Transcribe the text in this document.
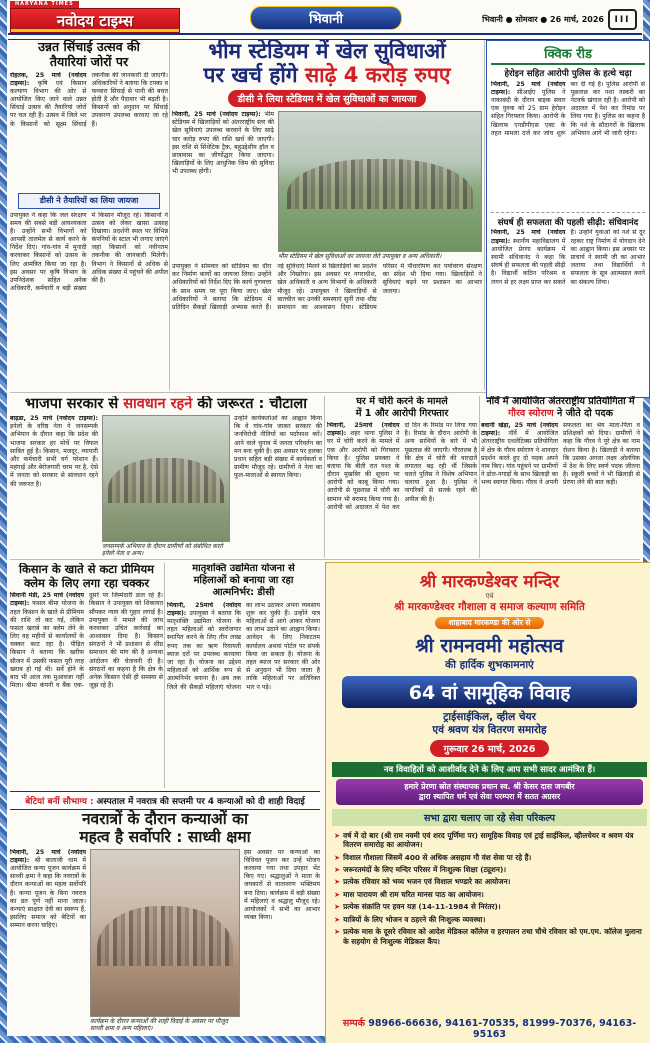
HARYANA TIMES
नवोदय टाइम्स	भिवानी	भिवानी ● सोमवार ● 26 मार्च, 2026	III
उन्नत सिंचाई उत्सव की
तैयारियां जोरों पर
रोहतक, 25 मार्च (नवोदय टाइम्स): कृषि एवं किसान कल्याण विभाग की ओर से आयोजित किए जाने वाले उन्नत सिंचाई उत्सव की तैयारियां जोरों पर चल रही हैं। उत्सव में जिले भर के किसानों को सूक्ष्म सिंचाई तकनीक की जानकारी दी जाएगी। अधिकारियों ने बताया कि टपका व फव्वारा सिंचाई से पानी की बचत होती है और पैदावार भी बढ़ती है। किसानों को अनुदान पर सिंचाई उपकरण उपलब्ध करवाए जा रहे हैं।
डीसी ने तैयारियों का लिया जायजा
उपायुक्त ने कहा कि जल संरक्षण समय की सबसे बड़ी आवश्यकता है। उन्होंने सभी विभागों को आपसी तालमेल से कार्य करने के निर्देश दिए। गांव-गांव में मुनादी करवाकर किसानों को उत्सव के लिए आमंत्रित किया जा रहा है। इस अवसर पर कृषि विभाग के उपनिदेशक सहित अनेक अधिकारी, कर्मचारी व बड़ी संख्या में किसान मौजूद रहे। किसानों ने उत्सव को लेकर खासा उत्साह दिखाया। प्रदर्शनी स्थल पर विभिन्न कंपनियों के स्टाल भी लगाए जाएंगे जहां किसानों को नवीनतम तकनीक की जानकारी मिलेगी। विभाग ने किसानों से अधिक से अधिक संख्या में पहुंचने की अपील की है।
भीम स्टेडियम में खेल सुविधाओं
पर खर्च होंगे साढ़े 4 करोड़ रुपए
डीसी ने लिया स्टेडियम में खेल सुविधाओं का जायजा
भिवानी, 25 मार्च (नवोदय टाइम्स): भीम स्टेडियम में खिलाड़ियों को अंतरराष्ट्रीय स्तर की खेल सुविधाएं उपलब्ध करवाने के लिए साढ़े चार करोड़ रुपए की राशि खर्च की जाएगी। इस राशि से सिंथेटिक ट्रैक, बहुउद्देशीय हॉल व छात्रावास का जीर्णोद्धार किया जाएगा। खिलाड़ियों के लिए आधुनिक जिम की सुविधा भी उपलब्ध होगी।
भीम स्टेडियम में खेल सुविधाओं का जायजा लेते उपायुक्त व अन्य अधिकारी।
उपायुक्त ने सोमवार को स्टेडियम का दौरा कर निर्माण कार्यों का जायजा लिया। उन्होंने अधिकारियों को निर्देश दिए कि कार्य गुणवत्ता के साथ समय पर पूरा किया जाए। खेल अधिकारियों ने बताया कि स्टेडियम में प्रतिदिन सैकड़ों खिलाड़ी अभ्यास करते हैं। नई सुविधाएं मिलने से खिलाड़ियों का प्रदर्शन और निखरेगा। इस अवसर पर नगराधीश, खेल अधिकारी व अन्य विभागों के अधिकारी मौजूद रहे। उपायुक्त ने खिलाड़ियों से बातचीत कर उनकी समस्याएं सुनीं तथा शीघ्र समाधान का आश्वासन दिया। स्टेडियम परिसर में पौधारोपण कर पर्यावरण संरक्षण का संदेश भी दिया गया। खिलाड़ियों ने सुविधाएं बढ़ने पर प्रशासन का आभार जताया।
क्विक रीड
हेरोइन सहित आरोपी पुलिस के हत्थे चढ़ा
भिवानी, 25 मार्च (नवोदय टाइम्स): सीआईए पुलिस ने नाकाबंदी के दौरान बाइक सवार एक युवक को 25 ग्राम हेरोइन सहित गिरफ्तार किया। आरोपी के खिलाफ एनडीपीएस एक्ट के तहत मामला दर्ज कर जांच शुरू कर दी गई है। पुलिस आरोपी से पूछताछ कर नशा तस्करी का नेटवर्क खंगाल रही है। आरोपी को अदालत में पेश कर रिमांड पर लिया गया है। पुलिस का कहना है कि नशे के सौदागरों के खिलाफ अभियान आगे भी जारी रहेगा।
संघर्ष ही सफलता की पहली सीढ़ी: संधिवानंद
भिवानी, 25 मार्च (नवोदय टाइम्स): स्थानीय महाविद्यालय में आयोजित प्रेरणा कार्यक्रम में स्वामी संधिवानंद ने कहा कि संघर्ष ही सफलता की पहली सीढ़ी है। विद्यार्थी कठिन परिश्रम व लगन से हर लक्ष्य प्राप्त कर सकते हैं। उन्होंने युवाओं को नशे से दूर रहकर राष्ट्र निर्माण में योगदान देने का आह्वान किया। इस अवसर पर प्राचार्य ने स्वामी जी का आभार जताया तथा विद्यार्थियों ने सफलता के सूत्र आत्मसात करने का संकल्प लिया।
भाजपा सरकार से सावधान रहने की जरूरत : चौटाला
बाढ़डा, 25 मार्च (नवोदय टाइम्स): इनेलो के वरिष्ठ नेता ने जनसम्पर्क अभियान के दौरान कहा कि प्रदेश की भाजपा सरकार हर मोर्चे पर विफल साबित हुई है। किसान, मजदूर, व्यापारी और कर्मचारी सभी वर्ग परेशान हैं। महंगाई और बेरोजगारी चरम पर है, ऐसे में जनता को सरकार से सावधान रहने की जरूरत है।
जनसम्पर्क अभियान के दौरान ग्रामीणों को संबोधित करते इनेलो नेता व अन्य।
उन्होंने कार्यकर्ताओं का आह्वान किया कि वे गांव-गांव जाकर सरकार की जनविरोधी नीतियों का पर्दाफाश करें। आने वाले चुनाव में जनता परिवर्तन का मन बना चुकी है। इस अवसर पर हलका प्रधान सहित बड़ी संख्या में कार्यकर्ता व ग्रामीण मौजूद रहे। ग्रामीणों ने नेता का फूल-मालाओं से स्वागत किया।
घर में चोरी करने के मामले
में 1 और आरोपी गिरफ्तार
भिवानी, 25मार्च (नवोदय टाइम्स): शहर थाना पुलिस ने घर में चोरी करने के मामले में एक और आरोपी को गिरफ्तार किया है। पुलिस प्रवक्ता ने बताया कि बीती रात गश्त के दौरान मुखबिर की सूचना पर आरोपी को काबू किया गया। आरोपी से पूछताछ में चोरी का सामान भी बरामद किया गया है। आरोपी को अदालत में पेश कर दो दिन के रिमांड पर लिया गया है। रिमांड के दौरान आरोपी के अन्य साथियों के बारे में भी पूछताछ की जाएगी। गौरतलब है कि क्षेत्र में चोरी की वारदातें लगातार बढ़ रही थीं जिसके चलते पुलिस ने विशेष अभियान चलाया हुआ है। पुलिस ने नागरिकों से सतर्क रहने की अपील की है।
नॉर्वे में आयोजित अंतरराष्ट्रीय प्रतियोगिता में
गौरव स्योराण ने जीते दो पदक
बवानी खेड़ा, 25 मार्च (नवोदय टाइम्स): नॉर्वे में आयोजित अंतरराष्ट्रीय एथलेटिक्स प्रतियोगिता में क्षेत्र के गौरव स्योराण ने शानदार प्रदर्शन करते हुए दो पदक अपने नाम किए। गांव पहुंचने पर ग्रामीणों ने ढोल-नगाड़ों के साथ खिलाड़ी का भव्य स्वागत किया। गौरव ने अपनी सफलता का श्रेय माता-पिता व प्रशिक्षकों को दिया। ग्रामीणों ने कहा कि गौरव ने पूरे क्षेत्र का नाम रोशन किया है। खिलाड़ी ने बताया कि उसका अगला लक्ष्य ओलंपिक में देश के लिए स्वर्ण पदक जीतना है। स्कूली बच्चों ने भी खिलाड़ी से प्रेरणा लेने की बात कही।
किसान के खाते से कटा प्रीमियम
क्लेम के लिए लगा रहा चक्कर
सिवानी मंडी, 25 मार्च (नवोदय टाइम्स): फसल बीमा योजना के तहत किसान के खाते से प्रीमियम की राशि तो कट गई, लेकिन फसल खराबे का क्लेम लेने के लिए वह महीनों से कार्यालयों के चक्कर काट रहा है। पीड़ित किसान ने बताया कि खरीफ सीजन में उसकी फसल पूरी तरह खराब हो गई थी। सर्वे होने के बाद भी आज तक मुआवजा नहीं मिला। बीमा कंपनी व बैंक एक-दूसरे पर जिम्मेदारी डाल रहे हैं। किसान ने उपायुक्त को शिकायत सौंपकर न्याय की गुहार लगाई है। उपायुक्त ने मामले की जांच करवाकर उचित कार्रवाई का आश्वासन दिया है। किसान संगठनों ने भी प्रशासन से शीघ्र समाधान की मांग की है अन्यथा आंदोलन की चेतावनी दी है। संगठनों का कहना है कि क्षेत्र के अनेक किसान ऐसी ही समस्या से जूझ रहे हैं।
मातृशक्ति उद्यमिता योजना से
महिलाओं को बनाया जा रहा
आत्मनिर्भर: डीसी
भिवानी, 25मार्च (नवोदय टाइम्स): उपायुक्त ने बताया कि मातृशक्ति उद्यमिता योजना के तहत महिलाओं को स्वरोजगार स्थापित करने के लिए तीन लाख रुपए तक का ऋण रियायती ब्याज दरों पर उपलब्ध करवाया जा रहा है। योजना का उद्देश्य महिलाओं को आर्थिक रूप से आत्मनिर्भर बनाना है। अब तक जिले की सैकड़ों महिलाएं योजना का लाभ उठाकर अपना व्यवसाय शुरू कर चुकी हैं। उन्होंने पात्र महिलाओं से आगे आकर योजना का लाभ उठाने का आह्वान किया। आवेदन के लिए निकटतम कार्यालय अथवा पोर्टल पर संपर्क किया जा सकता है। योजना के तहत ब्याज पर सरकार की ओर से अनुदान भी दिया जाता है ताकि महिलाओं पर अतिरिक्त भार न पड़े।
श्री मारकण्डेश्वर मन्दिर
एवं
श्री मारकण्डेश्वर गौशाला व समाज कल्याण समिति
शाहाबाद मारकण्डा की ओर से
श्री रामनवमी महोत्सव
की हार्दिक शुभकामनाएं
64 वां सामूहिक विवाह
ट्राईसाईकिल, व्हील चेयर
एवं श्रवण यंत्र वितरण समारोह
गुरूवार 26 मार्च, 2026
नव विवाहितों को आशीर्वाद देने के लिए आप सभी सादर आमंत्रित हैं।
हमारे प्रेरणा स्रोत संस्थापक प्रधान स्व. श्री केसर दास जगबीर
द्वारा स्थापित धर्म एवं सेवा परम्परा में सतत अग्रसर
सभा द्वारा चलाए जा रहे सेवा परिकल्प
➤ वर्ष में दो बार (श्री राम नवमी एवं शरद पूर्णिमा पर) सामूहिक विवाह एवं ट्राई साईकिल, व्हीलचेयर व श्रवण यंत्र वितरण समारोह का आयोजन।
➤ विशाल गौशाला जिसमें 400 से अधिक असहाय गौ वंश सेवा पा रहे हैं।
➤ जरूरतमंदों के लिए मन्दिर परिसर में निःशुल्क शिक्षा (ट्यूशन)।
➤ प्रत्येक रविवार को भव्य भजन एवं विशाल भण्डारे का आयोजन।
➤ मास पारायण श्री राम चरित मानस पाठ का आयोजन।
➤ प्रत्येक संक्रांति पर हवन यज्ञ (14-11-1984 से निरंतर)।
➤ यात्रियों के लिए भोजन व ठहरने की निःशुल्क व्यवस्था।
➤ प्रत्येक मास के दूसरे रविवार को आदेश मेडिकल कॉलेज व हरपालन तथा चौथे रविवार को एम.एम. कॉलेज मुलाना के सहयोग से निःशुल्क मेडिकल कैंप।
सम्पर्क 98966-66636, 94161-70535, 81999-70376, 94163-95163
बेटियां बनीं सौभाग्य : अस्पताल में नवरात्र की सप्तमी पर 4 कन्याओं को दी शाही विदाई
नवरात्रों के दौरान कन्याओं का
महत्व है सर्वोपरि : साध्वी क्षमा
भिवानी, 25 मार्च (नवोदय टाइम्स): श्री बालाजी धाम में आयोजित कन्या पूजन कार्यक्रम में साध्वी क्षमा ने कहा कि नवरात्रों के दौरान कन्याओं का महत्व सर्वोपरि है। कन्या पूजन के बिना नवरात्र का व्रत पूर्ण नहीं माना जाता। कन्याएं साक्षात देवी का स्वरूप हैं, इसलिए समाज को बेटियों का सम्मान करना चाहिए।
कार्यक्रम के दौरान कन्याओं की शाही विदाई के अवसर पर मौजूद साध्वी क्षमा व अन्य महिलाएं।
इस अवसर पर कन्याओं का विधिवत पूजन कर उन्हें भोजन करवाया गया तथा उपहार भेंट किए गए। श्रद्धालुओं ने माता के जयकारों से वातावरण भक्तिमय बना दिया। कार्यक्रम में बड़ी संख्या में महिलाएं व श्रद्धालु मौजूद रहे। आयोजकों ने सभी का आभार व्यक्त किया।
